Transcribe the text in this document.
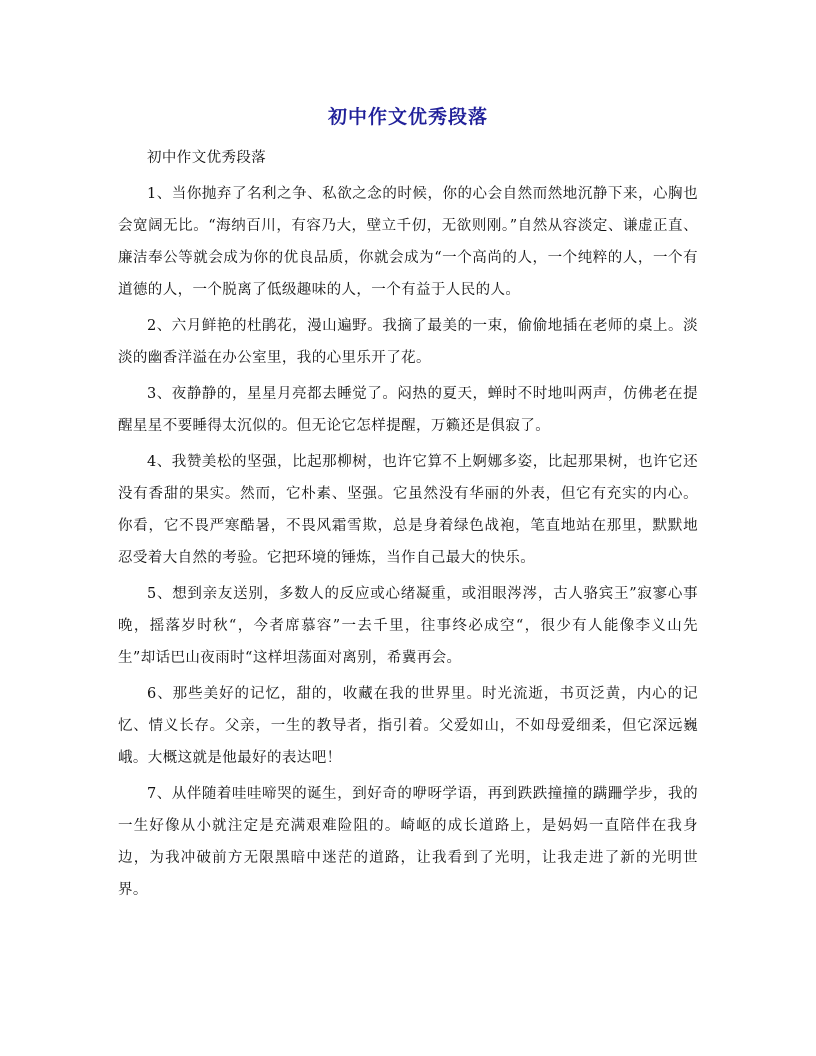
初中作文优秀段落

初中作文优秀段落

1、当你抛弃了名利之争、私欲之念的时候，你的心会自然而然地沉静下来，心胸也会宽阔无比。“海纳百川，有容乃大，壁立千仞，无欲则刚。”自然从容淡定、谦虚正直、廉洁奉公等就会成为你的优良品质，你就会成为“一个高尚的人，一个纯粹的人，一个有道德的人，一个脱离了低级趣味的人，一个有益于人民的人。

2、六月鲜艳的杜鹃花，漫山遍野。我摘了最美的一束，偷偷地插在老师的桌上。淡淡的幽香洋溢在办公室里，我的心里乐开了花。

3、夜静静的，星星月亮都去睡觉了。闷热的夏天，蝉时不时地叫两声，仿佛老在提醒星星不要睡得太沉似的。但无论它怎样提醒，万籁还是俱寂了。

4、我赞美松的坚强，比起那柳树，也许它算不上婀娜多姿，比起那果树，也许它还没有香甜的果实。然而，它朴素、坚强。它虽然没有华丽的外表，但它有充实的内心。你看，它不畏严寒酷暑，不畏风霜雪欺，总是身着绿色战袍，笔直地站在那里，默默地忍受着大自然的考验。它把环境的锤炼，当作自己最大的快乐。

5、想到亲友送别，多数人的反应或心绪凝重，或泪眼涔涔，古人骆宾王”寂寥心事晚，摇落岁时秋“，今者席慕容”一去千里，往事终必成空“，很少有人能像李义山先生”却话巴山夜雨时“这样坦荡面对离别，希冀再会。

6、那些美好的记忆，甜的，收藏在我的世界里。时光流逝，书页泛黄，内心的记忆、情义长存。父亲，一生的教导者，指引着。父爱如山，不如母爱细柔，但它深远巍峨。大概这就是他最好的表达吧！

7、从伴随着哇哇啼哭的诞生，到好奇的咿呀学语，再到跌跌撞撞的蹒跚学步，我的一生好像从小就注定是充满艰难险阻的。崎岖的成长道路上，是妈妈一直陪伴在我身边，为我冲破前方无限黑暗中迷茫的道路，让我看到了光明，让我走进了新的光明世界。
